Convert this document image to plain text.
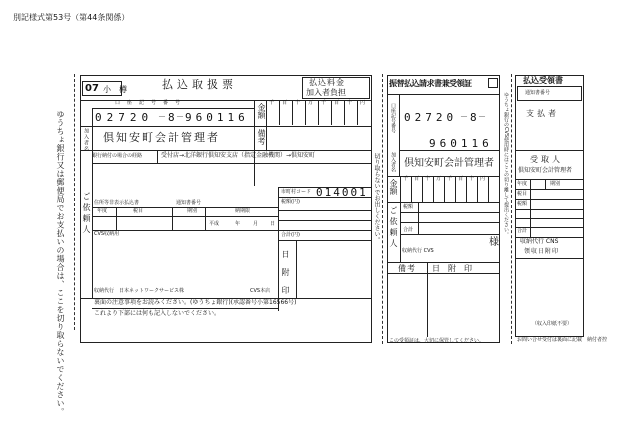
別記様式第53号（第44条関係）
ゆうちょ銀行又は郵便局でお支払いの場合は、ここを切り取らないでください。
07 小　樽	払込取扱票	払込料金
加入者負担
口　座　記　号　番　号
02720 － 8 － 960116 金額
備考
千	百	十	万	千	百	十	円
加入者名 倶知安町会計管理者
銀行納付の場合の経路	受付店→北洋銀行倶知安支店（指定金融機関）→倶知安町
ご依頼人	市町村コード 014001
税額(円)
合計(円)
日附印
住所等非表示払込書	通知書番号
年度	税目	期別	納期限
平成	年	月 日
CVS収納用
収納代行　日本ネットワークサービス株	CVS本店
裏面の注意事項をお読みください。(ゆうちょ銀行)(承認番号小第16566号)
これより下部には何も記入しないでください。
切り取らないでお出しください。
振替払込請求書兼受領証
口座記号番号 02720 － 8 －
960116
加入者名 倶知安町会計管理者
金額 千	百	十	万	千	百	十	円
税額
合計
ご依頼人	様
収納代行 CVS
備考 日附印
この受領証は、大切に保管してください。
ゆうちょ銀行のCVS使用時にはここの切り離して提出ください。
払込受領書
通知書番号
支払者
受取人
倶知安町会計管理者
年度	期別
税目
税額
合計
収納代行 CNS
領収日附印
（収入印紙不要）
お問い合せ受付は裏面に記載　納付者控
